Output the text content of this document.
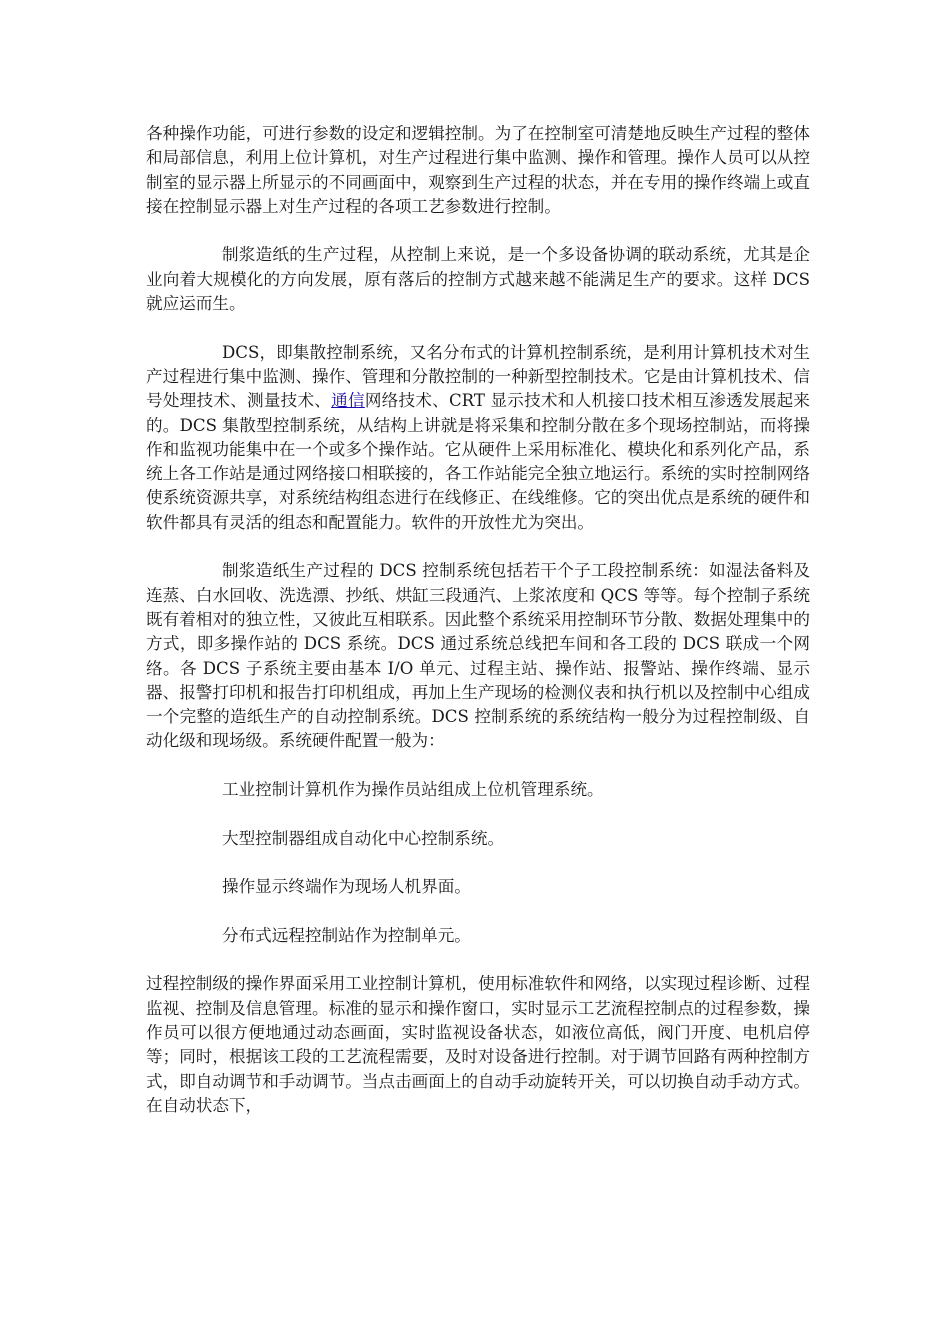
各种操作功能，可进行参数的设定和逻辑控制。为了在控制室可清楚地反映生产过程的整体和局部信息，利用上位计算机，对生产过程进行集中监测、操作和管理。操作人员可以从控制室的显示器上所显示的不同画面中，观察到生产过程的状态，并在专用的操作终端上或直接在控制显示器上对生产过程的各项工艺参数进行控制。

制浆造纸的生产过程，从控制上来说，是一个多设备协调的联动系统，尤其是企业向着大规模化的方向发展，原有落后的控制方式越来越不能满足生产的要求。这样 DCS 就应运而生。

DCS，即集散控制系统，又名分布式的计算机控制系统，是利用计算机技术对生产过程进行集中监测、操作、管理和分散控制的一种新型控制技术。它是由计算机技术、信号处理技术、测量技术、通信网络技术、CRT 显示技术和人机接口技术相互渗透发展起来的。DCS 集散型控制系统，从结构上讲就是将采集和控制分散在多个现场控制站，而将操作和监视功能集中在一个或多个操作站。它从硬件上采用标准化、模块化和系列化产品，系统上各工作站是通过网络接口相联接的，各工作站能完全独立地运行。系统的实时控制网络使系统资源共享，对系统结构组态进行在线修正、在线维修。它的突出优点是系统的硬件和软件都具有灵活的组态和配置能力。软件的开放性尤为突出。

制浆造纸生产过程的 DCS 控制系统包括若干个子工段控制系统：如湿法备料及连蒸、白水回收、洗选漂、抄纸、烘缸三段通汽、上浆浓度和 QCS 等等。每个控制子系统既有着相对的独立性，又彼此互相联系。因此整个系统采用控制环节分散、数据处理集中的方式，即多操作站的 DCS 系统。DCS 通过系统总线把车间和各工段的 DCS 联成一个网络。各 DCS 子系统主要由基本 I/O 单元、过程主站、操作站、报警站、操作终端、显示器、报警打印机和报告打印机组成，再加上生产现场的检测仪表和执行机以及控制中心组成一个完整的造纸生产的自动控制系统。DCS 控制系统的系统结构一般分为过程控制级、自动化级和现场级。系统硬件配置一般为：

工业控制计算机作为操作员站组成上位机管理系统。

大型控制器组成自动化中心控制系统。

操作显示终端作为现场人机界面。

分布式远程控制站作为控制单元。

过程控制级的操作界面采用工业控制计算机，使用标准软件和网络，以实现过程诊断、过程监视、控制及信息管理。标准的显示和操作窗口，实时显示工艺流程控制点的过程参数，操作员可以很方便地通过动态画面，实时监视设备状态，如液位高低，阀门开度、电机启停等；同时，根据该工段的工艺流程需要，及时对设备进行控制。对于调节回路有两种控制方式，即自动调节和手动调节。当点击画面上的自动手动旋转开关，可以切换自动手动方式。在自动状态下，
